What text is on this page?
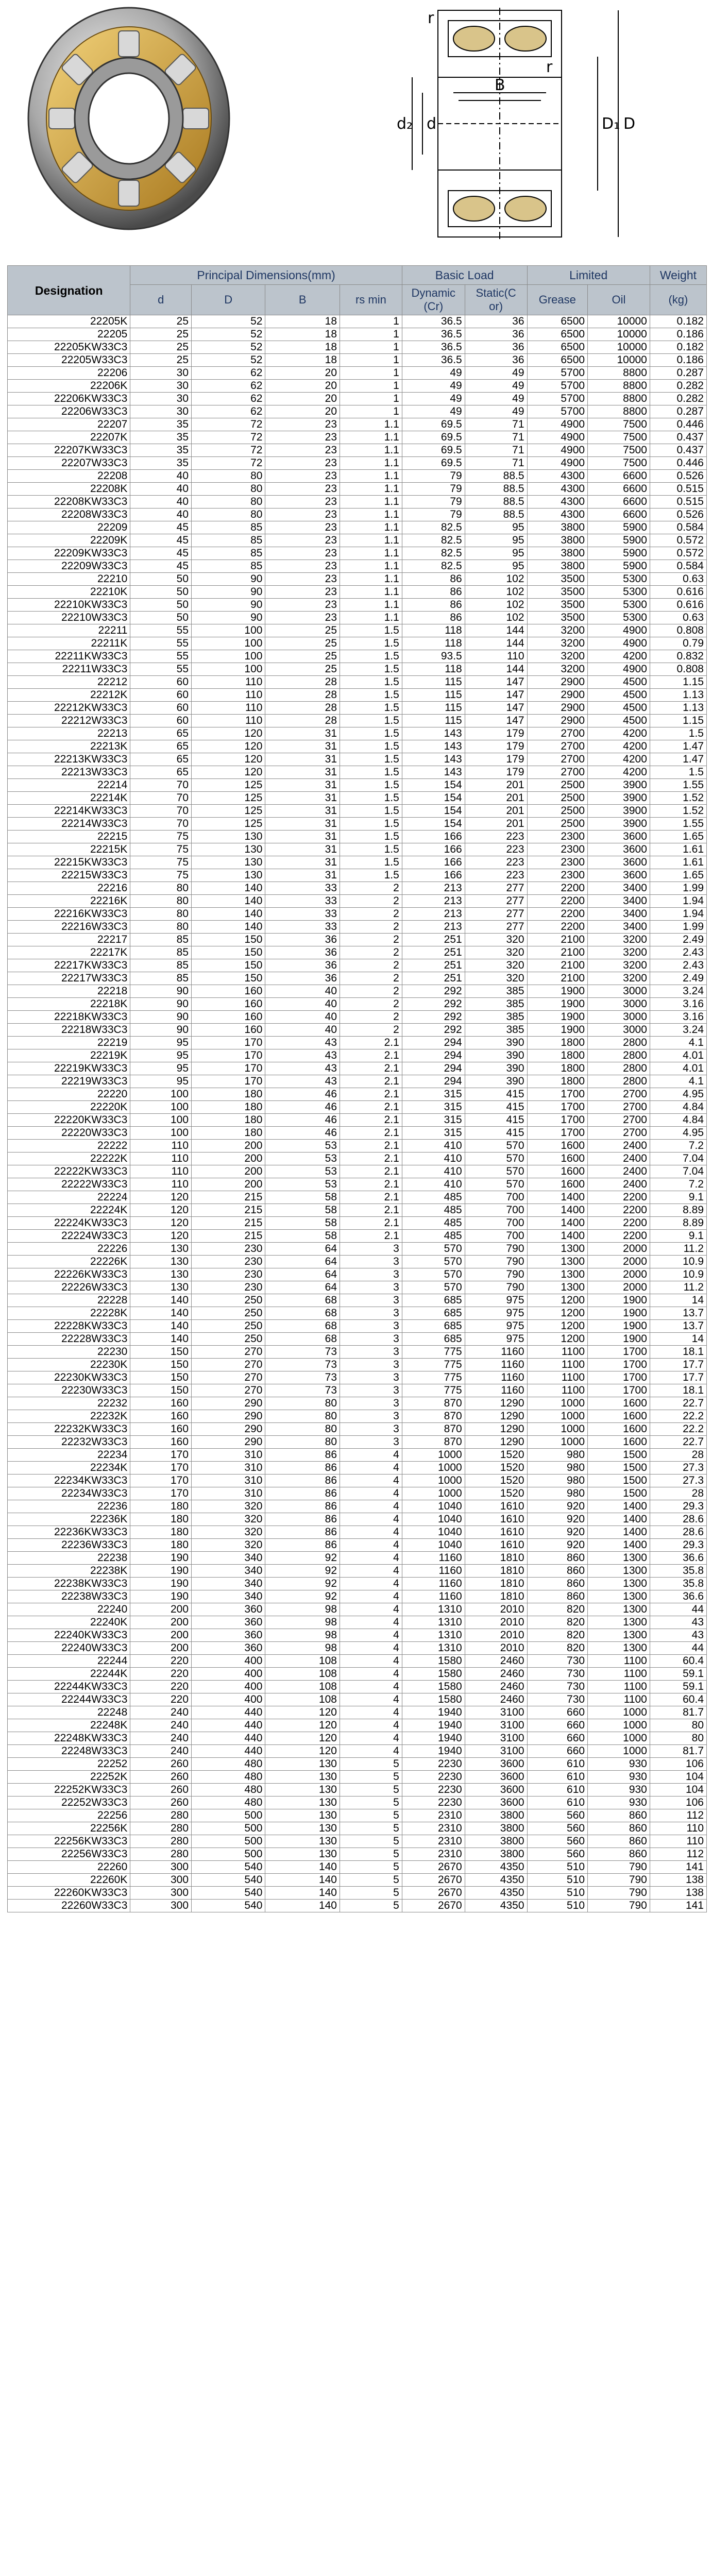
r
r
B
d₂ d	D₁ D
Designation	Principal Dimensions(mm)				Basic Load		Limited		Weight
	d	D	B	rs min	Dynamic (Cr)	Static(C or)	Grease	Oil	(kg)
22205K	25	52	18	1	36.5	36	6500	10000	0.182
22205	25	52	18	1	36.5	36	6500	10000	0.186
22205KW33C3	25	52	18	1	36.5	36	6500	10000	0.182
22205W33C3	25	52	18	1	36.5	36	6500	10000	0.186
22206	30	62	20	1	49	49	5700	8800	0.287
22206K	30	62	20	1	49	49	5700	8800	0.282
22206KW33C3	30	62	20	1	49	49	5700	8800	0.282
22206W33C3	30	62	20	1	49	49	5700	8800	0.287
22207	35	72	23	1.1	69.5	71	4900	7500	0.446
22207K	35	72	23	1.1	69.5	71	4900	7500	0.437
22207KW33C3	35	72	23	1.1	69.5	71	4900	7500	0.437
22207W33C3	35	72	23	1.1	69.5	71	4900	7500	0.446
22208	40	80	23	1.1	79	88.5	4300	6600	0.526
22208K	40	80	23	1.1	79	88.5	4300	6600	0.515
22208KW33C3	40	80	23	1.1	79	88.5	4300	6600	0.515
22208W33C3	40	80	23	1.1	79	88.5	4300	6600	0.526
22209	45	85	23	1.1	82.5	95	3800	5900	0.584
22209K	45	85	23	1.1	82.5	95	3800	5900	0.572
22209KW33C3	45	85	23	1.1	82.5	95	3800	5900	0.572
22209W33C3	45	85	23	1.1	82.5	95	3800	5900	0.584
22210	50	90	23	1.1	86	102	3500	5300	0.63
22210K	50	90	23	1.1	86	102	3500	5300	0.616
22210KW33C3	50	90	23	1.1	86	102	3500	5300	0.616
22210W33C3	50	90	23	1.1	86	102	3500	5300	0.63
22211	55	100	25	1.5	118	144	3200	4900	0.808
22211K	55	100	25	1.5	118	144	3200	4900	0.79
22211KW33C3	55	100	25	1.5	93.5	110	3200	4200	0.832
22211W33C3	55	100	25	1.5	118	144	3200	4900	0.808
22212	60	110	28	1.5	115	147	2900	4500	1.15
22212K	60	110	28	1.5	115	147	2900	4500	1.13
22212KW33C3	60	110	28	1.5	115	147	2900	4500	1.13
22212W33C3	60	110	28	1.5	115	147	2900	4500	1.15
22213	65	120	31	1.5	143	179	2700	4200	1.5
22213K	65	120	31	1.5	143	179	2700	4200	1.47
22213KW33C3	65	120	31	1.5	143	179	2700	4200	1.47
22213W33C3	65	120	31	1.5	143	179	2700	4200	1.5
22214	70	125	31	1.5	154	201	2500	3900	1.55
22214K	70	125	31	1.5	154	201	2500	3900	1.52
22214KW33C3	70	125	31	1.5	154	201	2500	3900	1.52
22214W33C3	70	125	31	1.5	154	201	2500	3900	1.55
22215	75	130	31	1.5	166	223	2300	3600	1.65
22215K	75	130	31	1.5	166	223	2300	3600	1.61
22215KW33C3	75	130	31	1.5	166	223	2300	3600	1.61
22215W33C3	75	130	31	1.5	166	223	2300	3600	1.65
22216	80	140	33	2	213	277	2200	3400	1.99
22216K	80	140	33	2	213	277	2200	3400	1.94
22216KW33C3	80	140	33	2	213	277	2200	3400	1.94
22216W33C3	80	140	33	2	213	277	2200	3400	1.99
22217	85	150	36	2	251	320	2100	3200	2.49
22217K	85	150	36	2	251	320	2100	3200	2.43
22217KW33C3	85	150	36	2	251	320	2100	3200	2.43
22217W33C3	85	150	36	2	251	320	2100	3200	2.49
22218	90	160	40	2	292	385	1900	3000	3.24
22218K	90	160	40	2	292	385	1900	3000	3.16
22218KW33C3	90	160	40	2	292	385	1900	3000	3.16
22218W33C3	90	160	40	2	292	385	1900	3000	3.24
22219	95	170	43	2.1	294	390	1800	2800	4.1
22219K	95	170	43	2.1	294	390	1800	2800	4.01
22219KW33C3	95	170	43	2.1	294	390	1800	2800	4.01
22219W33C3	95	170	43	2.1	294	390	1800	2800	4.1
22220	100	180	46	2.1	315	415	1700	2700	4.95
22220K	100	180	46	2.1	315	415	1700	2700	4.84
22220KW33C3	100	180	46	2.1	315	415	1700	2700	4.84
22220W33C3	100	180	46	2.1	315	415	1700	2700	4.95
22222	110	200	53	2.1	410	570	1600	2400	7.2
22222K	110	200	53	2.1	410	570	1600	2400	7.04
22222KW33C3	110	200	53	2.1	410	570	1600	2400	7.04
22222W33C3	110	200	53	2.1	410	570	1600	2400	7.2
22224	120	215	58	2.1	485	700	1400	2200	9.1
22224K	120	215	58	2.1	485	700	1400	2200	8.89
22224KW33C3	120	215	58	2.1	485	700	1400	2200	8.89
22224W33C3	120	215	58	2.1	485	700	1400	2200	9.1
22226	130	230	64	3	570	790	1300	2000	11.2
22226K	130	230	64	3	570	790	1300	2000	10.9
22226KW33C3	130	230	64	3	570	790	1300	2000	10.9
22226W33C3	130	230	64	3	570	790	1300	2000	11.2
22228	140	250	68	3	685	975	1200	1900	14
22228K	140	250	68	3	685	975	1200	1900	13.7
22228KW33C3	140	250	68	3	685	975	1200	1900	13.7
22228W33C3	140	250	68	3	685	975	1200	1900	14
22230	150	270	73	3	775	1160	1100	1700	18.1
22230K	150	270	73	3	775	1160	1100	1700	17.7
22230KW33C3	150	270	73	3	775	1160	1100	1700	17.7
22230W33C3	150	270	73	3	775	1160	1100	1700	18.1
22232	160	290	80	3	870	1290	1000	1600	22.7
22232K	160	290	80	3	870	1290	1000	1600	22.2
22232KW33C3	160	290	80	3	870	1290	1000	1600	22.2
22232W33C3	160	290	80	3	870	1290	1000	1600	22.7
22234	170	310	86	4	1000	1520	980	1500	28
22234K	170	310	86	4	1000	1520	980	1500	27.3
22234KW33C3	170	310	86	4	1000	1520	980	1500	27.3
22234W33C3	170	310	86	4	1000	1520	980	1500	28
22236	180	320	86	4	1040	1610	920	1400	29.3
22236K	180	320	86	4	1040	1610	920	1400	28.6
22236KW33C3	180	320	86	4	1040	1610	920	1400	28.6
22236W33C3	180	320	86	4	1040	1610	920	1400	29.3
22238	190	340	92	4	1160	1810	860	1300	36.6
22238K	190	340	92	4	1160	1810	860	1300	35.8
22238KW33C3	190	340	92	4	1160	1810	860	1300	35.8
22238W33C3	190	340	92	4	1160	1810	860	1300	36.6
22240	200	360	98	4	1310	2010	820	1300	44
22240K	200	360	98	4	1310	2010	820	1300	43
22240KW33C3	200	360	98	4	1310	2010	820	1300	43
22240W33C3	200	360	98	4	1310	2010	820	1300	44
22244	220	400	108	4	1580	2460	730	1100	60.4
22244K	220	400	108	4	1580	2460	730	1100	59.1
22244KW33C3	220	400	108	4	1580	2460	730	1100	59.1
22244W33C3	220	400	108	4	1580	2460	730	1100	60.4
22248	240	440	120	4	1940	3100	660	1000	81.7
22248K	240	440	120	4	1940	3100	660	1000	80
22248KW33C3	240	440	120	4	1940	3100	660	1000	80
22248W33C3	240	440	120	4	1940	3100	660	1000	81.7
22252	260	480	130	5	2230	3600	610	930	106
22252K	260	480	130	5	2230	3600	610	930	104
22252KW33C3	260	480	130	5	2230	3600	610	930	104
22252W33C3	260	480	130	5	2230	3600	610	930	106
22256	280	500	130	5	2310	3800	560	860	112
22256K	280	500	130	5	2310	3800	560	860	110
22256KW33C3	280	500	130	5	2310	3800	560	860	110
22256W33C3	280	500	130	5	2310	3800	560	860	112
22260	300	540	140	5	2670	4350	510	790	141
22260K	300	540	140	5	2670	4350	510	790	138
22260KW33C3	300	540	140	5	2670	4350	510	790	138
22260W33C3	300	540	140	5	2670	4350	510	790	141
